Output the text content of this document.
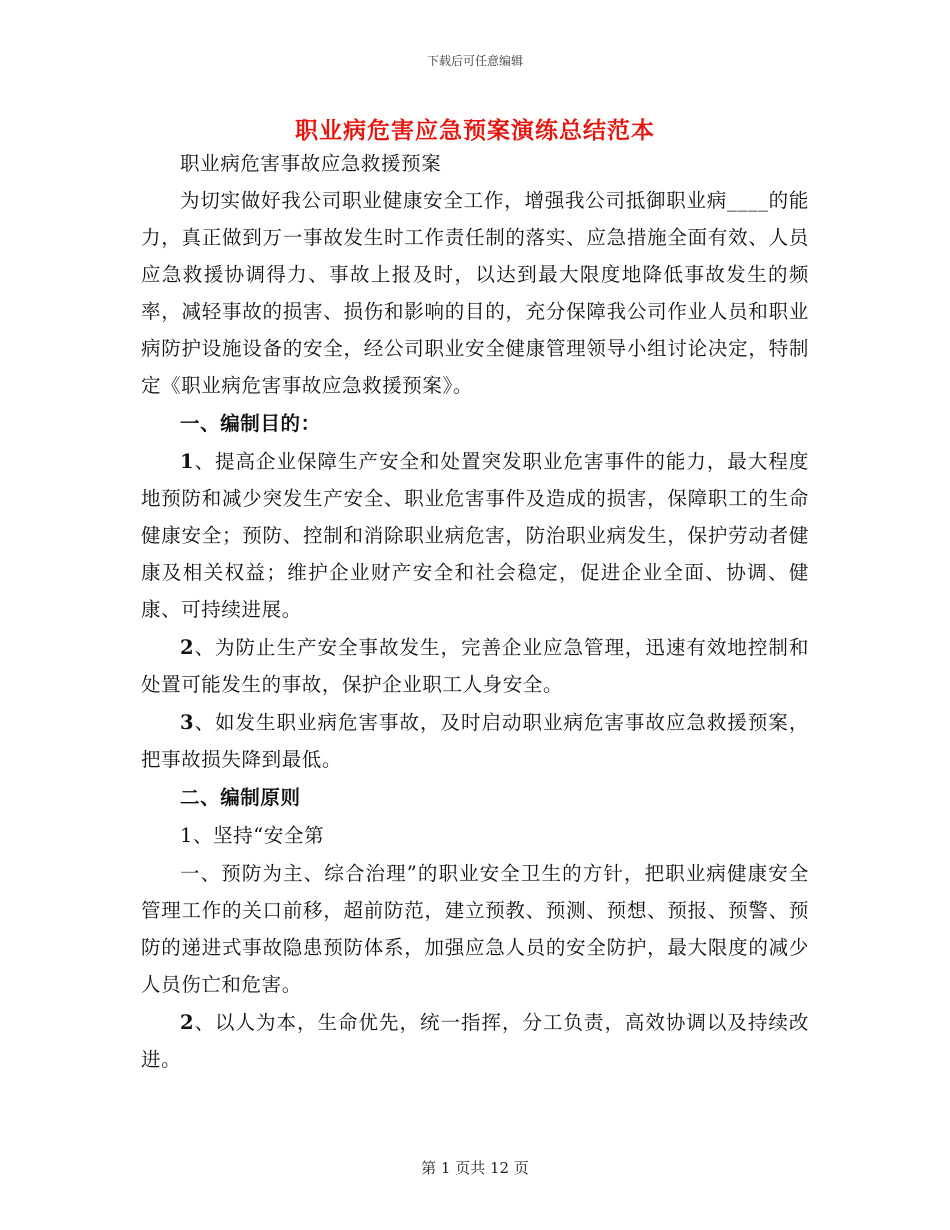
下载后可任意编辑
职业病危害应急预案演练总结范本

职业病危害事故应急救援预案

为切实做好我公司职业健康安全工作，增强我公司抵御职业病____的能力，真正做到万一事故发生时工作责任制的落实、应急措施全面有效、人员应急救援协调得力、事故上报及时，以达到最大限度地降低事故发生的频率，减轻事故的损害、损伤和影响的目的，充分保障我公司作业人员和职业病防护设施设备的安全，经公司职业安全健康管理领导小组讨论决定，特制定《职业病危害事故应急救援预案》。

一、编制目的：

1、提高企业保障生产安全和处置突发职业危害事件的能力，最大程度地预防和减少突发生产安全、职业危害事件及造成的损害，保障职工的生命健康安全；预防、控制和消除职业病危害，防治职业病发生，保护劳动者健康及相关权益；维护企业财产安全和社会稳定，促进企业全面、协调、健康、可持续进展。

2、为防止生产安全事故发生，完善企业应急管理，迅速有效地控制和处置可能发生的事故，保护企业职工人身安全。

3、如发生职业病危害事故，及时启动职业病危害事故应急救援预案，把事故损失降到最低。

二、编制原则

1、坚持“安全第

一、预防为主、综合治理”的职业安全卫生的方针，把职业病健康安全管理工作的关口前移，超前防范，建立预教、预测、预想、预报、预警、预防的递进式事故隐患预防体系，加强应急人员的安全防护，最大限度的减少人员伤亡和危害。

2、以人为本，生命优先，统一指挥，分工负责，高效协调以及持续改进。

第 1 页共 12 页
